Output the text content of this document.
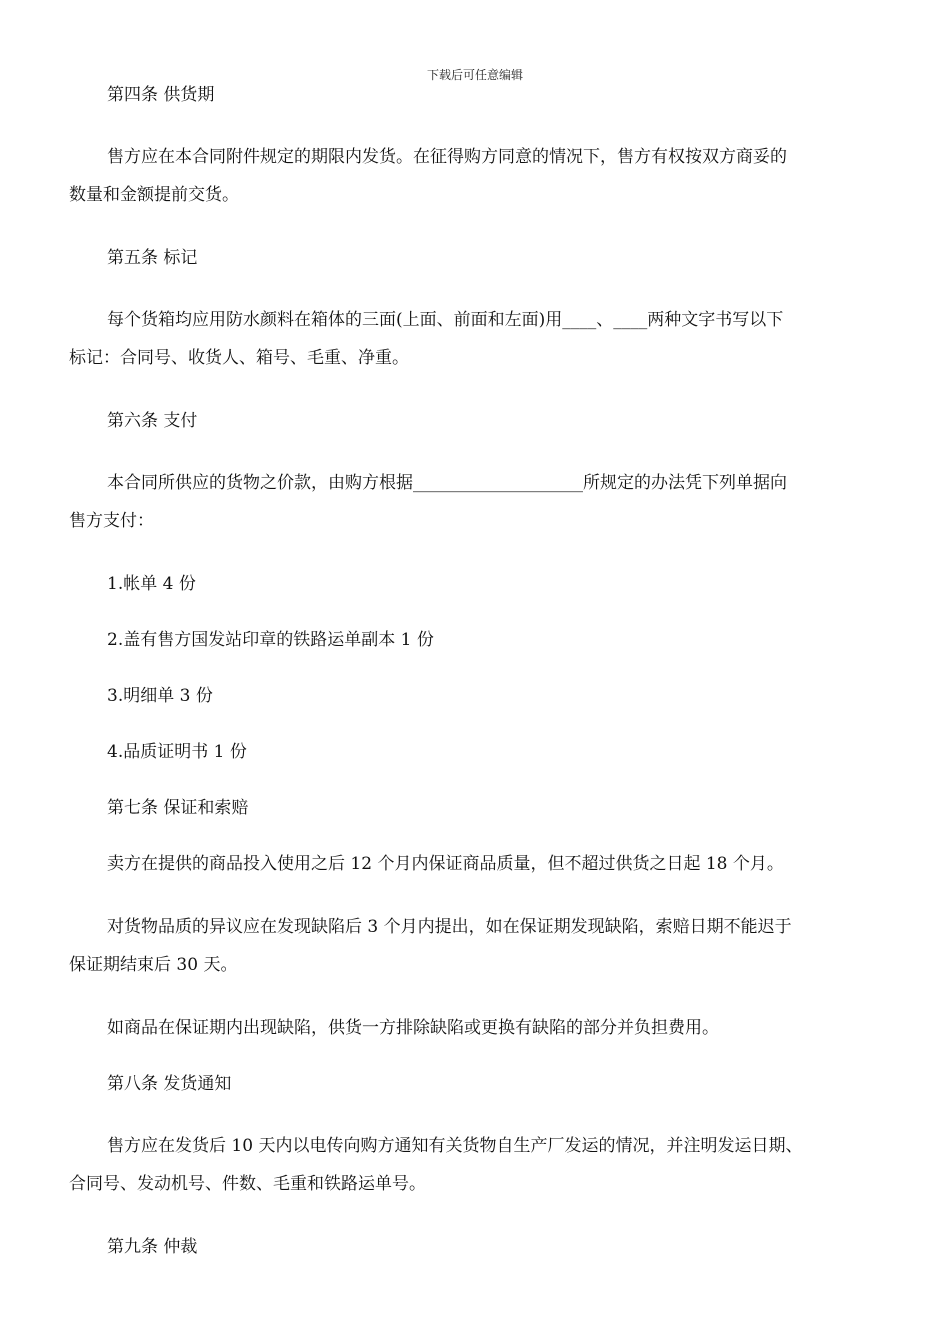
下载后可任意编辑

第四条 供货期

售方应在本合同附件规定的期限内发货。在征得购方同意的情况下，售方有权按双方商妥的

数量和金额提前交货。

第五条 标记

每个货箱均应用防水颜料在箱体的三面(上面、前面和左面)用____、____两种文字书写以下

标记：合同号、收货人、箱号、毛重、净重。

第六条 支付

本合同所供应的货物之价款，由购方根据____________________所规定的办法凭下列单据向

售方支付：

1.帐单 4 份

2.盖有售方国发站印章的铁路运单副本 1 份

3.明细单 3 份

4.品质证明书 1 份

第七条 保证和索赔

卖方在提供的商品投入使用之后 12 个月内保证商品质量，但不超过供货之日起 18 个月。

对货物品质的异议应在发现缺陷后 3 个月内提出，如在保证期发现缺陷，索赔日期不能迟于

保证期结束后 30 天。

如商品在保证期内出现缺陷，供货一方排除缺陷或更换有缺陷的部分并负担费用。

第八条 发货通知

售方应在发货后 10 天内以电传向购方通知有关货物自生产厂发运的情况，并注明发运日期、

合同号、发动机号、件数、毛重和铁路运单号。

第九条 仲裁
